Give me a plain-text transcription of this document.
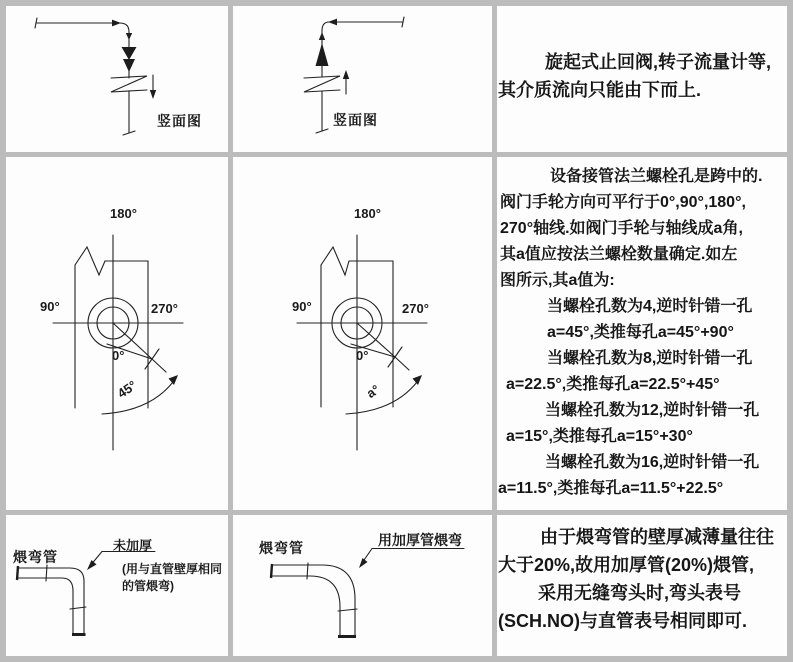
竖面图	竖面图
旋起式止回阀,转子流量计等,
其介质流向只能由下而上.
180°
90°	270°
0°
45°
180°
90°	270°
0°
a°
设备接管法兰螺栓孔是跨中的.
阀门手轮方向可平行于0°,90°,180°,
270°轴线.如阀门手轮与轴线成a角,
其a值应按法兰螺栓数量确定.如左
图所示,其a值为:
当螺栓孔数为4,逆时针错一孔
a=45°,类推每孔a=45°+90°
当螺栓孔数为8,逆时针错一孔
a=22.5°,类推每孔a=22.5°+45°
当螺栓孔数为12,逆时针错一孔
a=15°,类推每孔a=15°+30°
当螺栓孔数为16,逆时针错一孔
a=11.5°,类推每孔a=11.5°+22.5°
煨弯管
未加厚
(用与直管壁厚相同
的管煨弯)
煨弯管	用加厚管煨弯	由于煨弯管的壁厚减薄量往往
大于20%,故用加厚管(20%)煨管,
采用无缝弯头时,弯头表号
(SCH.NO)与直管表号相同即可.
